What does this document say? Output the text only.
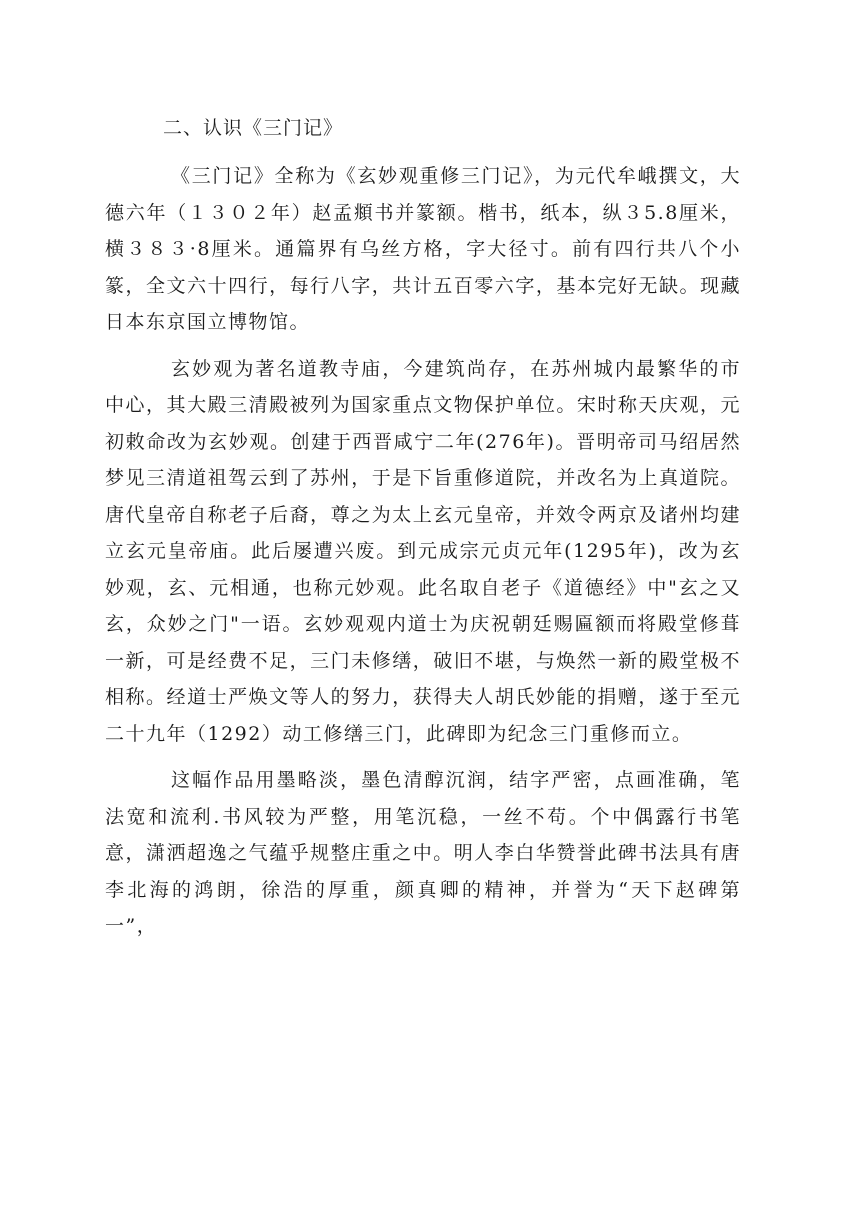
二、认识《三门记》

《三门记》全称为《玄妙观重修三门记》，为元代牟峨撰文，大德六年（１３０２年）赵孟頫书并篆额。楷书，纸本，纵３5.8厘米，横３８３·8厘米。通篇界有乌丝方格，字大径寸。前有四行共八个小篆，全文六十四行，每行八字，共计五百零六字，基本完好无缺。现藏日本东京国立博物馆。

玄妙观为著名道教寺庙，今建筑尚存，在苏州城内最繁华的市中心，其大殿三清殿被列为国家重点文物保护单位。宋时称天庆观，元初敕命改为玄妙观。创建于西晋咸宁二年(276年)。晋明帝司马绍居然梦见三清道祖驾云到了苏州，于是下旨重修道院，并改名为上真道院。唐代皇帝自称老子后裔，尊之为太上玄元皇帝，并效令两京及诸州均建立玄元皇帝庙。此后屡遭兴废。到元成宗元贞元年(1295年)，改为玄妙观，玄、元相通，也称元妙观。此名取自老子《道德经》中"玄之又玄，众妙之门"一语。玄妙观观内道士为庆祝朝廷赐匾额而将殿堂修葺一新，可是经费不足，三门未修缮，破旧不堪，与焕然一新的殿堂极不相称。经道士严焕文等人的努力，获得夫人胡氏妙能的捐赠，遂于至元二十九年（1292）动工修缮三门，此碑即为纪念三门重修而立。

这幅作品用墨略淡，墨色清醇沉润，结字严密，点画准确，笔法宽和流利.书风较为严整，用笔沉稳，一丝不苟。个中偶露行书笔意，潇洒超逸之气蕴乎规整庄重之中。明人李白华赞誉此碑书法具有唐李北海的鸿朗，徐浩的厚重，颜真卿的精神，并誉为“天下赵碑第一”，
